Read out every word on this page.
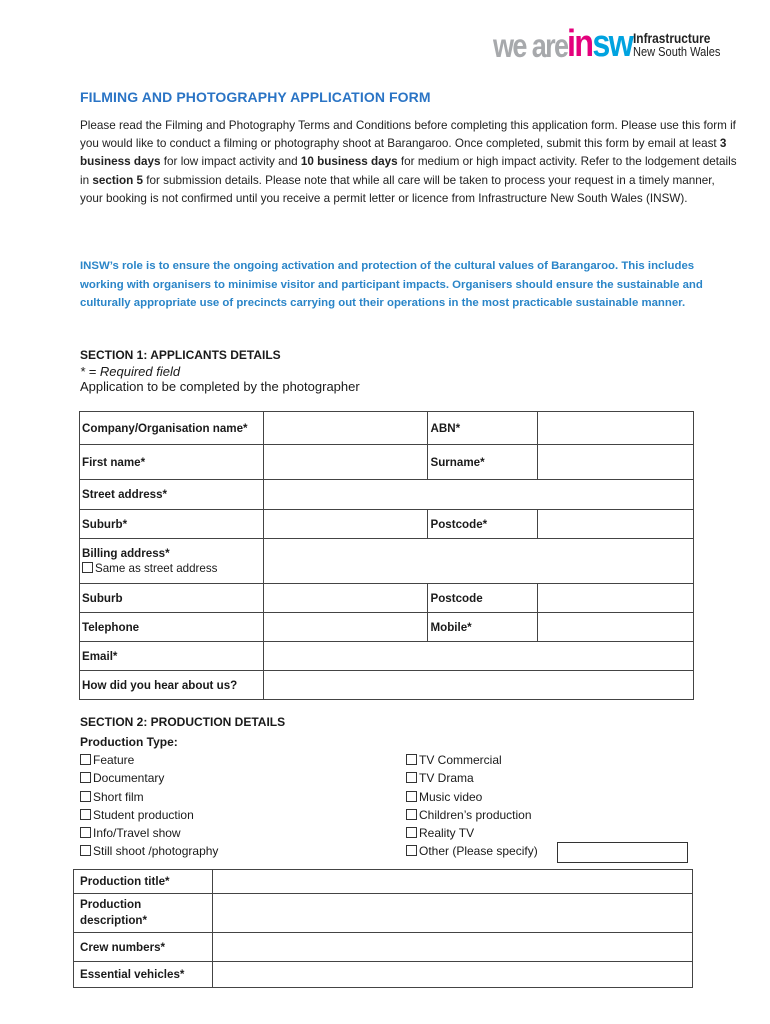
we are insw Infrastructure
New South Wales
FILMING AND PHOTOGRAPHY APPLICATION FORM
Please read the Filming and Photography Terms and Conditions before completing this application form. Please use this form if you would like to conduct a filming or photography shoot at Barangaroo. Once completed, submit this form by email at least 3 business days for low impact activity and 10 business days for medium or high impact activity. Refer to the lodgement details in section 5 for submission details. Please note that while all care will be taken to process your request in a timely manner, your booking is not confirmed until you receive a permit letter or licence from Infrastructure New South Wales (INSW).
INSW’s role is to ensure the ongoing activation and protection of the cultural values of Barangaroo. This includes working with organisers to minimise visitor and participant impacts. Organisers should ensure the sustainable and culturally appropriate use of precincts carrying out their operations in the most practicable sustainable manner.
SECTION 1: APPLICANTS DETAILS
* = Required field
Application to be completed by the photographer
Company/Organisation name*		ABN*	
First name*		Surname*	
Street address*			
Suburb*		Postcode*	

Billing address*
Same as street address			

Suburb		Postcode	
Telephone		Mobile*	
Email*			
How did you hear about us?			
SECTION 2: PRODUCTION DETAILS
Production Type:
Feature
Documentary
Short film
Student production
Info/Travel show
Still shoot /photography
TV Commercial
TV Drama
Music video
Children’s production
Reality TV
Other (Please specify)
Production title*	
Production description*	
Crew numbers*	
Essential vehicles*	
